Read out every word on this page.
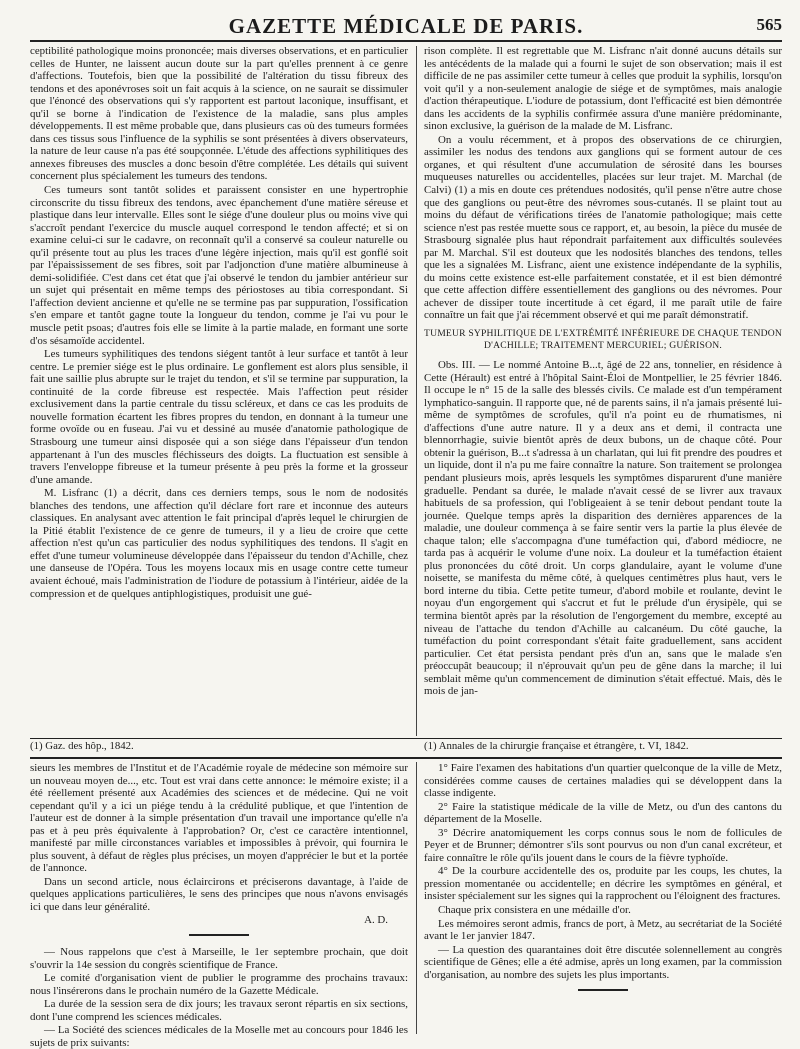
GAZETTE MÉDICALE DE PARIS.	565

ceptibilité pathologique moins prononcée; mais diverses observations, et en particulier celles de Hunter, ne laissent aucun doute sur la part qu'elles prennent à ce genre d'affections. Toutefois, bien que la possibilité de l'altération du tissu fibreux des tendons et des aponévroses soit un fait acquis à la science, on ne saurait se dissimuler que l'énoncé des observations qui s'y rapportent est partout laconique, insuffisant, et qu'il se borne à l'indication de l'existence de la maladie, sans plus amples développements. Il est même probable que, dans plusieurs cas où des tumeurs formées dans ces tissus sous l'influence de la syphilis se sont présentées à divers observateurs, la nature de leur cause n'a pas été soupçonnée. L'étude des affections syphilitiques des annexes fibreuses des muscles a donc besoin d'être complétée. Les détails qui suivent concernent plus spécialement les tumeurs des tendons.

Ces tumeurs sont tantôt solides et paraissent consister en une hypertrophie circonscrite du tissu fibreux des tendons, avec épanchement d'une matière séreuse et plastique dans leur intervalle. Elles sont le siége d'une douleur plus ou moins vive qui s'accroît pendant l'exercice du muscle auquel correspond le tendon affecté; et si on examine celui-ci sur le cadavre, on reconnaît qu'il a conservé sa couleur naturelle ou qu'il présente tout au plus les traces d'une légère injection, mais qu'il est gonflé soit par l'épaississement de ses fibres, soit par l'adjonction d'une matière albumineuse à demi-solidifiée. C'est dans cet état que j'ai observé le tendon du jambier antérieur sur un sujet qui présentait en même temps des périostoses au tibia correspondant. Si l'affection devient ancienne et qu'elle ne se termine pas par suppuration, l'ossification s'en empare et tantôt gagne toute la longueur du tendon, comme je l'ai vu pour le muscle petit psoas; d'autres fois elle se limite à la partie malade, en formant une sorte d'os sésamoïde accidentel.

Les tumeurs syphilitiques des tendons siégent tantôt à leur surface et tantôt à leur centre. Le premier siége est le plus ordinaire. Le gonflement est alors plus sensible, il fait une saillie plus abrupte sur le trajet du tendon, et s'il se termine par suppuration, la continuité de la corde fibreuse est respectée. Mais l'affection peut résider exclusivement dans la partie centrale du tissu scléreux, et dans ce cas les produits de nouvelle formation écartent les fibres propres du tendon, en donnant à la tumeur une forme ovoïde ou en fuseau. J'ai vu et dessiné au musée d'anatomie pathologique de Strasbourg une tumeur ainsi disposée qui a son siége dans l'épaisseur d'un tendon appartenant à l'un des muscles fléchisseurs des doigts. La fluctuation est sensible à travers l'enveloppe fibreuse et la tumeur présente à peu près la forme et la grosseur d'une amande.

M. Lisfranc (1) a décrit, dans ces derniers temps, sous le nom de nodosités blanches des tendons, une affection qu'il déclare fort rare et inconnue des auteurs classiques. En analysant avec attention le fait principal d'après lequel le chirurgien de la Pitié établit l'existence de ce genre de tumeurs, il y a lieu de croire que cette affection n'est qu'un cas particulier des nodus syphilitiques des tendons. Il s'agit en effet d'une tumeur volumineuse développée dans l'épaisseur du tendon d'Achille, chez une danseuse de l'Opéra. Tous les moyens locaux mis en usage contre cette tumeur avaient échoué, mais l'administration de l'iodure de potassium à l'intérieur, aidée de la compression et de quelques antiphlogistiques, produisit une gué-

rison complète. Il est regrettable que M. Lisfranc n'ait donné aucuns détails sur les antécédents de la malade qui a fourni le sujet de son observation; mais il est difficile de ne pas assimiler cette tumeur à celles que produit la syphilis, lorsqu'on voit qu'il y a non-seulement analogie de siége et de symptômes, mais analogie d'action thérapeutique. L'iodure de potassium, dont l'efficacité est bien démontrée dans les accidents de la syphilis confirmée assura d'une manière prédominante, sinon exclusive, la guérison de la malade de M. Lisfranc.

On a voulu récemment, et à propos des observations de ce chirurgien, assimiler les nodus des tendons aux ganglions qui se forment autour de ces organes, et qui résultent d'une accumulation de sérosité dans les bourses muqueuses naturelles ou accidentelles, placées sur leur trajet. M. Marchal (de Calvi) (1) a mis en doute ces prétendues nodosités, qu'il pense n'être autre chose que des ganglions ou peut-être des névromes sous-cutanés. Il se plaint tout au moins du défaut de vérifications tirées de l'anatomie pathologique; mais cette science n'est pas restée muette sous ce rapport, et, au besoin, la pièce du musée de Strasbourg signalée plus haut répondrait parfaitement aux difficultés soulevées par M. Marchal. S'il est douteux que les nodosités blanches des tendons, telles que les a signalées M. Lisfranc, aient une existence indépendante de la syphilis, du moins cette existence est-elle parfaitement constatée, et il est bien démontré que cette affection diffère essentiellement des ganglions ou des névromes. Pour achever de dissiper toute incertitude à cet égard, il me paraît utile de faire connaître un fait que j'ai récemment observé et qui me paraît démonstratif.

TUMEUR SYPHILITIQUE DE L'EXTRÉMITÉ INFÉRIEURE DE CHAQUE TENDON D'ACHILLE; TRAITEMENT MERCURIEL; GUÉRISON.

Obs. III. — Le nommé Antoine B...t, âgé de 22 ans, tonnelier, en résidence à Cette (Hérault) est entré à l'hôpital Saint-Éloi de Montpellier, le 25 février 1846. Il occupe le n° 15 de la salle des blessés civils. Ce malade est d'un tempérament lymphatico-sanguin. Il rapporte que, né de parents sains, il n'a jamais présenté lui-même de symptômes de scrofules, qu'il n'a point eu de rhumatismes, ni d'affections d'une autre nature. Il y a deux ans et demi, il contracta une blennorrhagie, suivie bientôt après de deux bubons, un de chaque côté. Pour obtenir la guérison, B...t s'adressa à un charlatan, qui lui fit prendre des poudres et un liquide, dont il n'a pu me faire connaître la nature. Son traitement se prolongea pendant plusieurs mois, après lesquels les symptômes disparurent d'une manière graduelle. Pendant sa durée, le malade n'avait cessé de se livrer aux travaux habituels de sa profession, qui l'obligeaient à se tenir debout pendant toute la journée. Quelque temps après la disparition des dernières apparences de la maladie, une douleur commença à se faire sentir vers la partie la plus élevée de chaque talon; elle s'accompagna d'une tuméfaction qui, d'abord médiocre, ne tarda pas à acquérir le volume d'une noix. La douleur et la tuméfaction étaient plus prononcées du côté droit. Un corps glandulaire, ayant le volume d'une noisette, se manifesta du même côté, à quelques centimètres plus haut, vers le bord interne du tibia. Cette petite tumeur, d'abord mobile et roulante, devint le noyau d'un engorgement qui s'accrut et fut le prélude d'un érysipèle, qui se termina bientôt après par la résolution de l'engorgement du membre, excepté au niveau de l'attache du tendon d'Achille au calcanéum. Du côté gauche, la tuméfaction du point correspondant s'était faite graduellement, sans accident particulier. Cet état persista pendant près d'un an, sans que le malade s'en préoccupât beaucoup; il n'éprouvait qu'un peu de gêne dans la marche; il lui semblait même qu'un commencement de diminution s'était effectué. Mais, dès le mois de jan-

(1) Gaz. des hôp., 1842.	(1) Annales de la chirurgie française et étrangère, t. VI, 1842.

sieurs les membres de l'Institut et de l'Académie royale de médecine son mémoire sur un nouveau moyen de..., etc. Tout est vrai dans cette annonce: le mémoire existe; il a été réellement présenté aux Académies des sciences et de médecine. Qui ne voit cependant qu'il y a ici un piége tendu à la crédulité publique, et que l'intention de l'auteur est de donner à la simple présentation d'un travail une importance qu'elle n'a pas et à peu près équivalente à l'approbation? Or, c'est ce caractère intentionnel, manifesté par mille circonstances variables et impossibles à prévoir, qui fournira le plus souvent, à défaut de règles plus précises, un moyen d'apprécier le but et la portée de l'annonce.

Dans un second article, nous éclaircirons et préciserons davantage, à l'aide de quelques applications particulières, le sens des principes que nous n'avons envisagés ici que dans leur généralité.

A. D.

— Nous rappelons que c'est à Marseille, le 1er septembre prochain, que doit s'ouvrir la 14e session du congrès scientifique de France.

Le comité d'organisation vient de publier le programme des prochains travaux: nous l'insérerons dans le prochain numéro de la Gazette Médicale.

La durée de la session sera de dix jours; les travaux seront répartis en six sections, dont l'une comprend les sciences médicales.

— La Société des sciences médicales de la Moselle met au concours pour 1846 les sujets de prix suivants:

1° Faire l'examen des habitations d'un quartier quelconque de la ville de Metz, considérées comme causes de certaines maladies qui se développent dans la classe indigente.

2° Faire la statistique médicale de la ville de Metz, ou d'un des cantons du département de la Moselle.

3° Décrire anatomiquement les corps connus sous le nom de follicules de Peyer et de Brunner; démontrer s'ils sont pourvus ou non d'un canal excréteur, et faire connaître le rôle qu'ils jouent dans le cours de la fièvre typhoïde.

4° De la courbure accidentelle des os, produite par les coups, les chutes, la pression momentanée ou accidentelle; en décrire les symptômes en général, et insister spécialement sur les signes qui la rapprochent ou l'éloignent des fractures.

Chaque prix consistera en une médaille d'or.

Les mémoires seront admis, francs de port, à Metz, au secrétariat de la Société avant le 1er janvier 1847.

— La question des quarantaines doit être discutée solennellement au congrès scientifique de Gênes; elle a été admise, après un long examen, par la commission d'organisation, au nombre des sujets les plus importants.
